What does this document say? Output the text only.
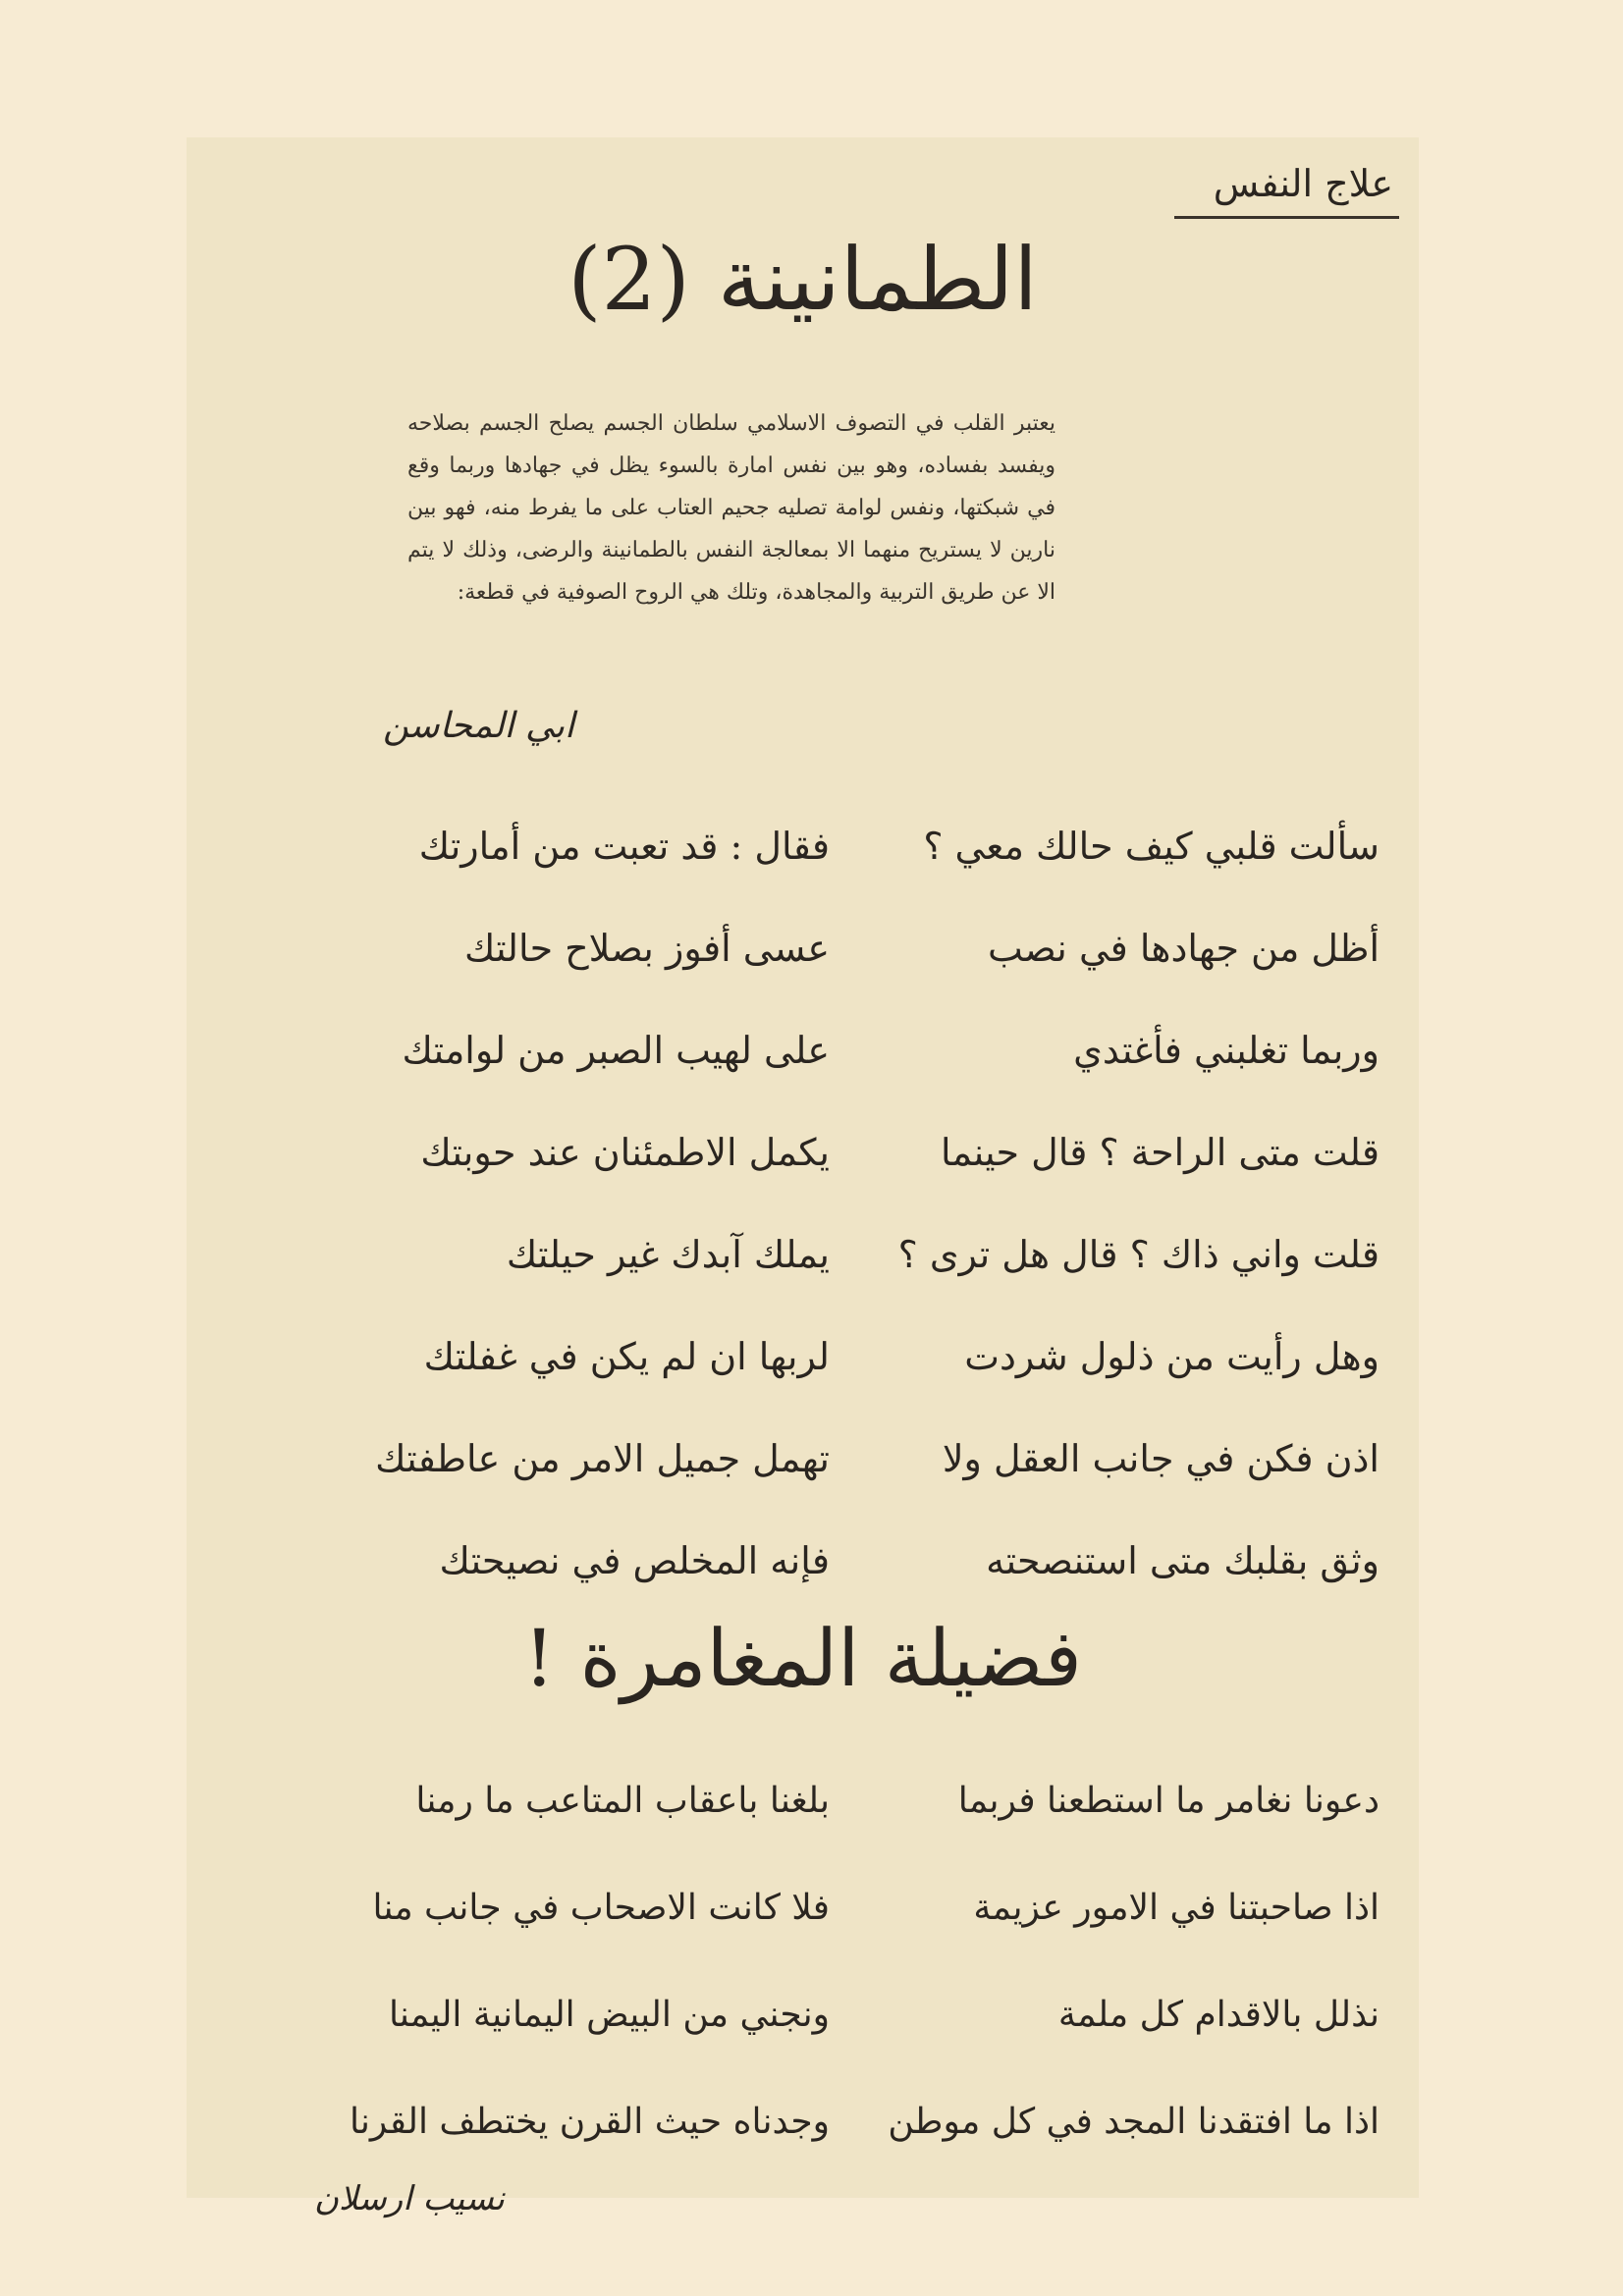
علاج النفس
الطمانينة (2)
يعتبر القلب في التصوف الاسلامي سلطان الجسم يصلح الجسم بصلاحه ويفسد بفساده، وهو بين نفس امارة بالسوء يظل في جهادها وربما وقع في شبكتها، ونفس لوامة تصليه جحيم العتاب على ما يفرط منه، فهو بين نارين لا يستريح منهما الا بمعالجة النفس بالطمانينة والرضى، وذلك لا يتم الا عن طريق التربية والمجاهدة، وتلك هي الروح الصوفية في قطعة:
ابي المحاسن
سألت قلبي كيف حالك معي ؟
فقال : قد تعبت من أمارتك
أظل من جهادها في نصب
عسى أفوز بصلاح حالتك
وربما تغلبني فأغتدي
على لهيب الصبر من لوامتك
قلت متى الراحة ؟ قال حينما
يكمل الاطمئنان عند حوبتك
قلت واني ذاك ؟ قال هل ترى ؟
يملك آبدك غير حيلتك
وهل رأيت من ذلول شردت
لربها ان لم يكن في غفلتك
اذن فكن في جانب العقل ولا
تهمل جميل الامر من عاطفتك
وثق بقلبك متى استنصحته
فإنه المخلص في نصيحتك
فضيلة المغامرة !
دعونا نغامر ما استطعنا فربما
بلغنا باعقاب المتاعب ما رمنا
اذا صاحبتنا في الامور عزيمة
فلا كانت الاصحاب في جانب منا
نذلل بالاقدام كل ملمة
ونجني من البيض اليمانية اليمنا
اذا ما افتقدنا المجد في كل موطن
وجدناه حيث القرن يختطف القرنا
نسيب ارسلان
